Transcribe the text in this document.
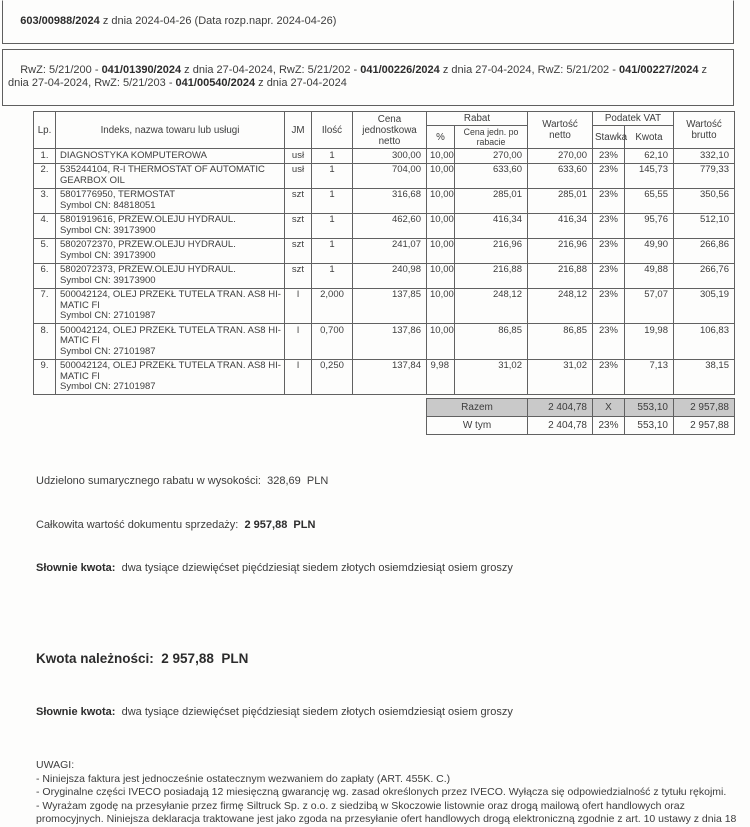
603/00988/2024 z dnia 2024-04-26 (Data rozp.napr. 2024-04-26)

RwZ: 5/21/200 - 041/01390/2024 z dnia 27-04-2024, RwZ: 5/21/202 - 041/00226/2024 z dnia 27-04-2024, RwZ: 5/21/202 - 041/00227/2024 z dnia 27-04-2024, RwZ: 5/21/203 - 041/00540/2024 z dnia 27-04-2024

Lp.	Indeks, nazwa towaru lub usługi	JM	Ilość	Cena jednostkowa netto	Rabat		Wartość netto	Podatek VAT		Wartość brutto
					%	Cena jedn. po rabacie		Stawka	Kwota	
1.	DIAGNOSTYKA KOMPUTEROWA	usł	1	300,00	10,00	270,00	270,00	23%	62,10	332,10
2.	535244104, R-I THERMOSTAT OF AUTOMATIC GEARBOX OIL	usł	1	704,00	10,00	633,60	633,60	23%	145,73	779,33
3.	5801776950, TERMOSTAT
Symbol CN: 84818051	szt	1	316,68	10,00	285,01	285,01	23%	65,55	350,56
4.	5801919616, PRZEW.OLEJU HYDRAUL.
Symbol CN: 39173900	szt	1	462,60	10,00	416,34	416,34	23%	95,76	512,10
5.	5802072370, PRZEW.OLEJU HYDRAUL.
Symbol CN: 39173900	szt	1	241,07	10,00	216,96	216,96	23%	49,90	266,86
6.	5802072373, PRZEW.OLEJU HYDRAUL.
Symbol CN: 39173900	szt	1	240,98	10,00	216,88	216,88	23%	49,88	266,76
7.	500042124, OLEJ PRZEKŁ TUTELA TRAN. AS8 HI-MATIC FI
Symbol CN: 27101987	l	2,000	137,85	10,00	248,12	248,12	23%	57,07	305,19
8.	500042124, OLEJ PRZEKŁ TUTELA TRAN. AS8 HI-MATIC FI
Symbol CN: 27101987	l	0,700	137,86	10,00	86,85	86,85	23%	19,98	106,83
9.	500042124, OLEJ PRZEKŁ TUTELA TRAN. AS8 HI-MATIC FI
Symbol CN: 27101987	l	0,250	137,84	9,98	31,02	31,02	23%	7,13	38,15
Razem	2 404,78	X	553,10	2 957,88
W tym	2 404,78	23%	553,10	2 957,88

Udzielono sumarycznego rabatu w wysokości:  328,69  PLN

Całkowita wartość dokumentu sprzedaży:  2 957,88  PLN

Słownie kwota:  dwa tysiące dziewięćset pięćdziesiąt siedem złotych osiemdziesiąt osiem groszy

Kwota należności:  2 957,88  PLN

Słownie kwota:  dwa tysiące dziewięćset pięćdziesiąt siedem złotych osiemdziesiąt osiem groszy

UWAGI:
- Niniejsza faktura jest jednocześnie ostatecznym wezwaniem do zapłaty (ART. 455K. C.)
- Oryginalne części IVECO posiadają 12 miesięczną gwarancję wg. zasad określonych przez IVECO. Wyłącza się odpowiedzialność z tytułu rękojmi.
- Wyrażam zgodę na przesyłanie przez firmę Siltruck Sp. z o.o. z siedzibą w Skoczowie listownie oraz drogą mailową ofert handlowych oraz promocyjnych. Niniejsza deklaracja traktowane jest jako zgoda na przesyłanie ofert handlowych drogą elektroniczną zgodnie z art. 10 ustawy z dnia 18
